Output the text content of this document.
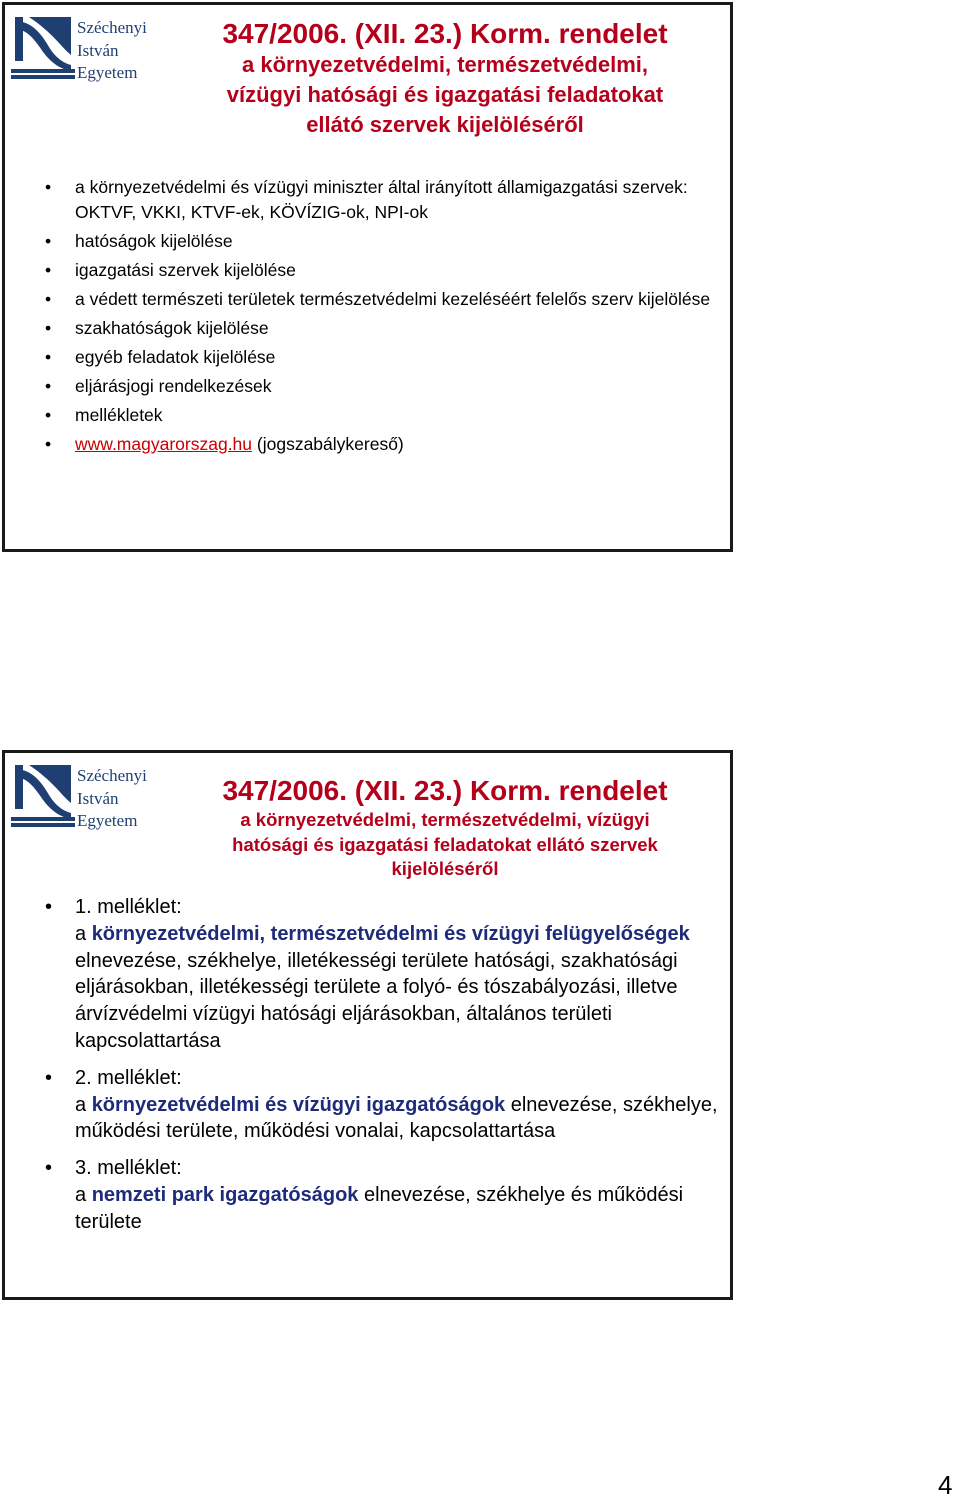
Széchenyi
István
Egyetem
347/2006. (XII. 23.) Korm. rendelet
a környezetvédelmi, természetvédelmi,
vízügyi hatósági és igazgatási feladatokat
ellátó szervek kijelöléséről
• a környezetvédelmi és vízügyi miniszter által irányított államigazgatási szervek: OKTVF, VKKI, KTVF-ek, KÖVÍZIG-ok, NPI-ok
• hatóságok kijelölése
• igazgatási szervek kijelölése
• a védett természeti területek természetvédelmi kezeléséért felelős szerv kijelölése
• szakhatóságok kijelölése
• egyéb feladatok kijelölése
• eljárásjogi rendelkezések
• mellékletek
• www.magyarorszag.hu (jogszabálykereső)
Széchenyi
István
Egyetem
347/2006. (XII. 23.) Korm. rendelet
a környezetvédelmi, természetvédelmi, vízügyi
hatósági és igazgatási feladatokat ellátó szervek
kijelöléséről
• 1. melléklet:
a környezetvédelmi, természetvédelmi és vízügyi felügyelőségek elnevezése, székhelye, illetékességi területe hatósági, szakhatósági eljárásokban, illetékességi területe a folyó- és tószabályozási, illetve árvízvédelmi vízügyi hatósági eljárásokban, általános területi kapcsolattartása
• 2. melléklet:
a környezetvédelmi és vízügyi igazgatóságok elnevezése, székhelye, működési területe, működési vonalai, kapcsolattartása
• 3. melléklet:
a nemzeti park igazgatóságok elnevezése, székhelye és működési területe
4
